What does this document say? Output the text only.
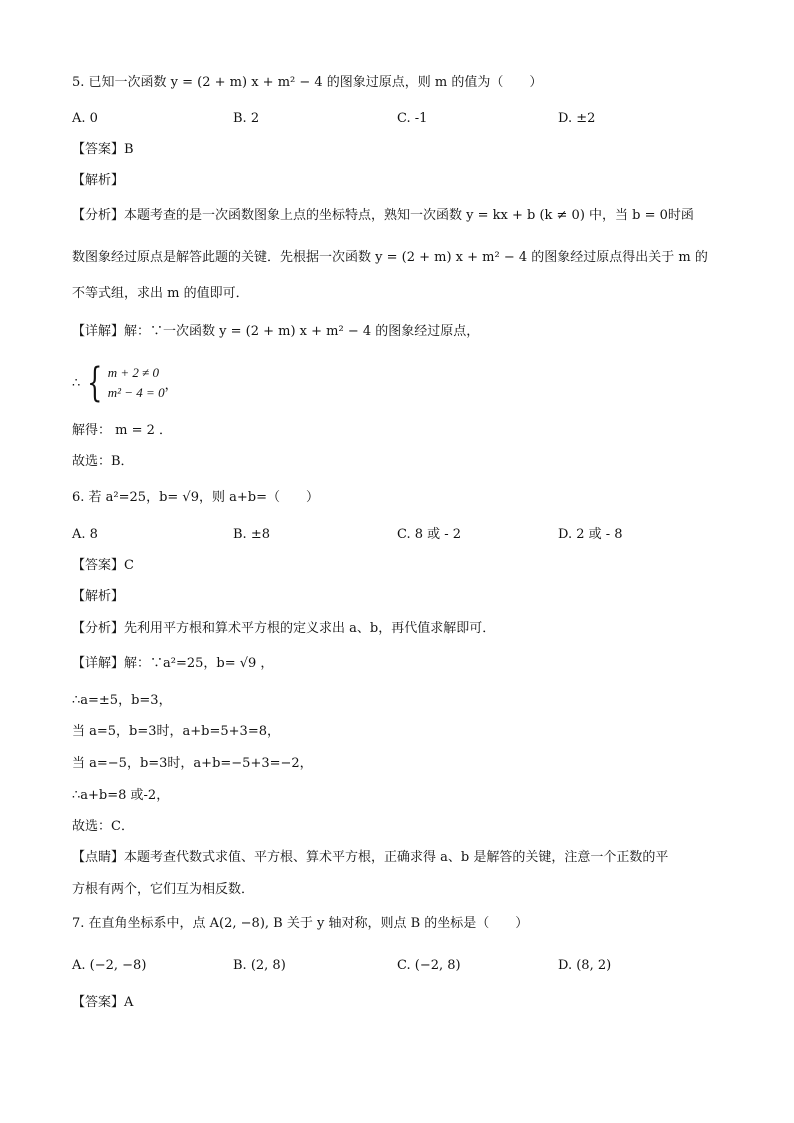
5. 已知一次函数 y = (2 + m) x + m² − 4 的图象过原点，则 m 的值为（　　）
A. 0	B. 2	C. -1	D. ±2
【答案】B
【解析】
【分析】本题考查的是一次函数图象上点的坐标特点，熟知一次函数 y = kx + b (k ≠ 0) 中，当 b = 0时函
数图象经过原点是解答此题的关键．先根据一次函数 y = (2 + m) x + m² − 4 的图象经过原点得出关于 m 的
不等式组，求出 m 的值即可．
【详解】解：∵一次函数 y = (2 + m) x + m² − 4 的图象经过原点，
∴ { m + 2 ≠ 0
m² − 4 = 0 ，
解得： m = 2 ．
故选：B．
6. 若 a²=25，b= √9，则 a+b=（　　）
A. 8	B. ±8	C. 8 或 - 2	D. 2 或 - 8
【答案】C
【解析】
【分析】先利用平方根和算术平方根的定义求出 a、b，再代值求解即可．
【详解】解：∵a²=25，b= √9 ，
∴a=±5，b=3，
当 a=5，b=3时，a+b=5+3=8，
当 a=−5，b=3时，a+b=−5+3=−2，
∴a+b=8 或-2，
故选：C．
【点睛】本题考查代数式求值、平方根、算术平方根，正确求得 a、b 是解答的关键，注意一个正数的平
方根有两个，它们互为相反数．
7. 在直角坐标系中，点 A(2, −8), B 关于 y 轴对称，则点 B 的坐标是（　　）
A. (−2, −8)	B. (2, 8)	C. (−2, 8)	D. (8, 2)
【答案】A
